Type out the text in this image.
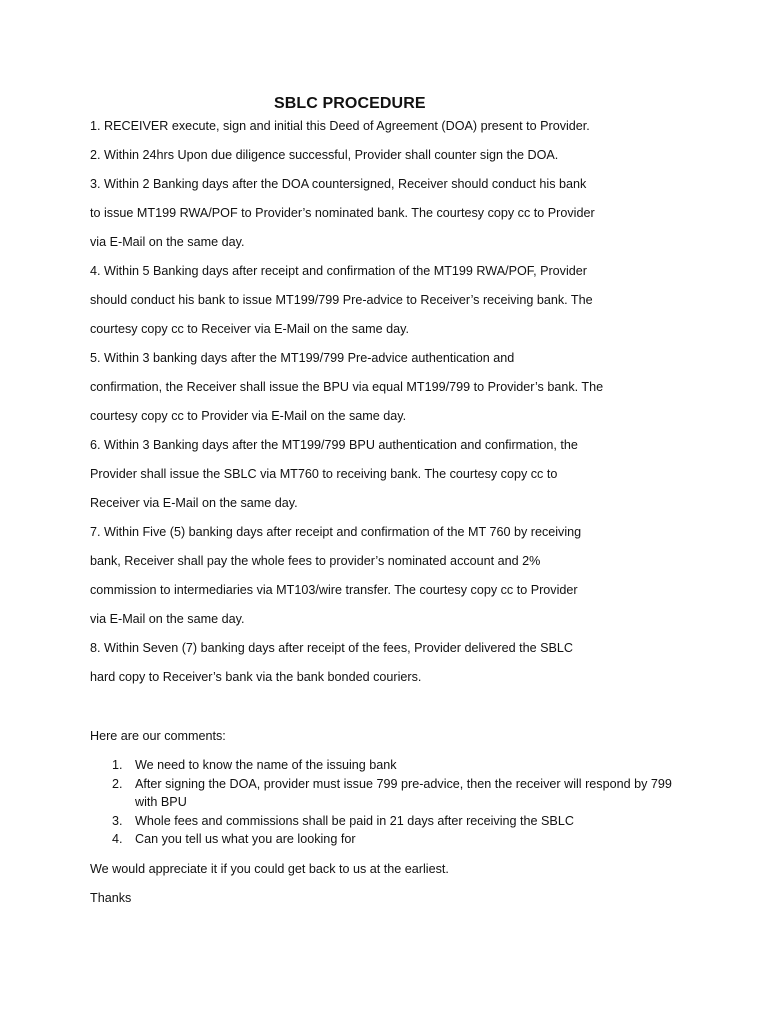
SBLC PROCEDURE
1. RECEIVER execute, sign and initial this Deed of Agreement (DOA) present to Provider.
2. Within 24hrs Upon due diligence successful, Provider shall counter sign the DOA.
3. Within 2 Banking days after the DOA countersigned, Receiver should conduct his bank
to issue MT199 RWA/POF to Provider’s nominated bank. The courtesy copy cc to Provider
via E-Mail on the same day.
4. Within 5 Banking days after receipt and confirmation of the MT199 RWA/POF, Provider
should conduct his bank to issue MT199/799 Pre-advice to Receiver’s receiving bank. The
courtesy copy cc to Receiver via E-Mail on the same day.
5. Within 3 banking days after the MT199/799 Pre-advice authentication and
confirmation, the Receiver shall issue the BPU via equal MT199/799 to Provider’s bank. The
courtesy copy cc to Provider via E-Mail on the same day.
6. Within 3 Banking days after the MT199/799 BPU authentication and confirmation, the
Provider shall issue the SBLC via MT760 to receiving bank. The courtesy copy cc to
Receiver via E-Mail on the same day.
7. Within Five (5) banking days after receipt and confirmation of the MT 760 by receiving
bank, Receiver shall pay the whole fees to provider’s nominated account and 2%
commission to intermediaries via MT103/wire transfer. The courtesy copy cc to Provider
via E-Mail on the same day.
8. Within Seven (7) banking days after receipt of the fees, Provider delivered the SBLC
hard copy to Receiver’s bank via the bank bonded couriers.
Here are our comments:
1. We need to know the name of the issuing bank
2. After signing the DOA, provider must issue 799 pre-advice, then the receiver will respond by 799 with BPU
3. Whole fees and commissions shall be paid in 21 days after receiving the SBLC
4. Can you tell us what you are looking for
We would appreciate it if you could get back to us at the earliest.
Thanks
